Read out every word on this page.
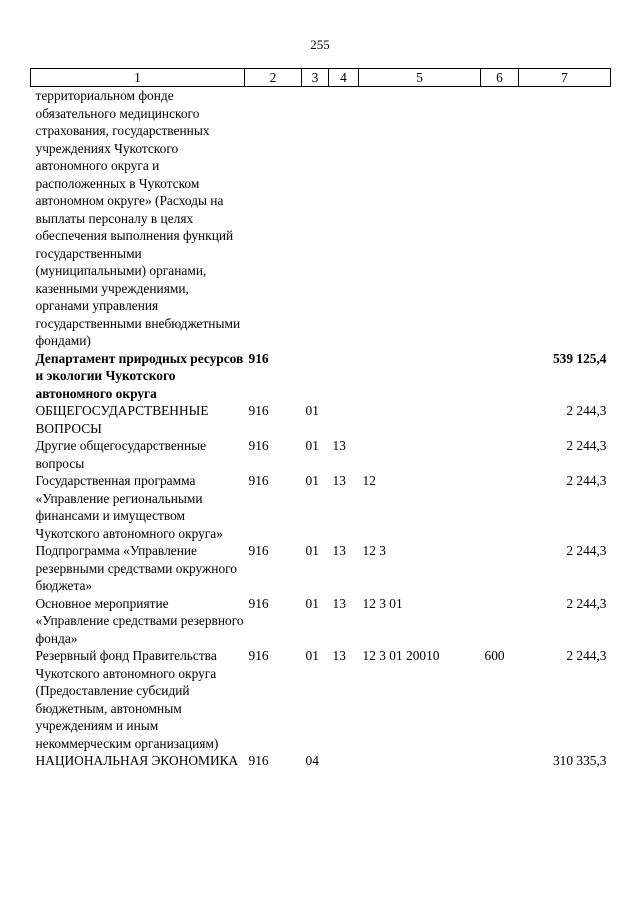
255
1	2	3	4	5	6	7
территориальном фонде обязательного медицинского страхования, государственных учреждениях Чукотского автономного округа и расположенных в Чукотском автономном округе» (Расходы на выплаты персоналу в целях обеспечения выполнения функций государственными (муниципальными) органами, казенными учреждениями, органами управления государственными внебюджетными фондами)						
Департамент природных ресурсов и экологии Чукотского автономного округа	916					539 125,4
ОБЩЕГОСУДАРСТВЕННЫЕ ВОПРОСЫ	916	01				2 244,3
Другие общегосударственные вопросы	916	01	13			2 244,3
Государственная программа «Управление региональными финансами и имуществом Чукотского автономного округа»	916	01	13	12		2 244,3
Подпрограмма «Управление резервными средствами окружного бюджета»	916	01	13	12 3		2 244,3
Основное мероприятие «Управление средствами резервного фонда»	916	01	13	12 3 01		2 244,3
Резервный фонд Правительства Чукотского автономного округа (Предоставление субсидий бюджетным, автономным учреждениям и иным некоммерческим организациям)	916	01	13	12 3 01 20010	600	2 244,3
НАЦИОНАЛЬНАЯ ЭКОНОМИКА	916	04				310 335,3
